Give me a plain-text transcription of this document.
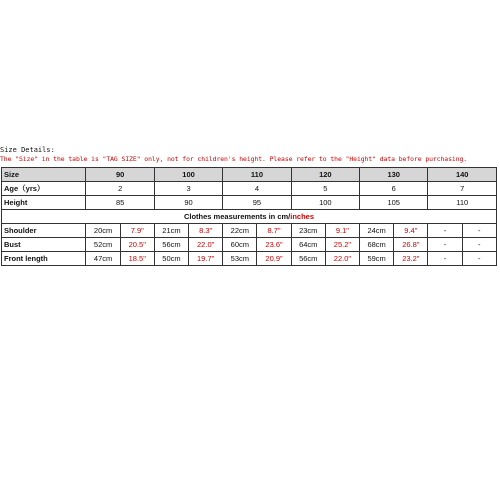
Size Details:
The "Size" in the table is "TAG SIZE" only, not for children's height. Please refer to the "Height" data before purchasing.
Size	90		100		110		120		130		140	
Age（yrs）	2		3		4		5		6		7	
Height	85		90		95		100		105		110	
Clothes measurements in cm/inches												
Shoulder	20cm	7.9"	21cm	8.3"	22cm	8.7"	23cm	9.1"	24cm	9.4"	-	-
Bust	52cm	20.5"	56cm	22.0"	60cm	23.6"	64cm	25.2"	68cm	26.8"	-	-
Front length	47cm	18.5"	50cm	19.7"	53cm	20.9"	56cm	22.0"	59cm	23.2"	-	-
